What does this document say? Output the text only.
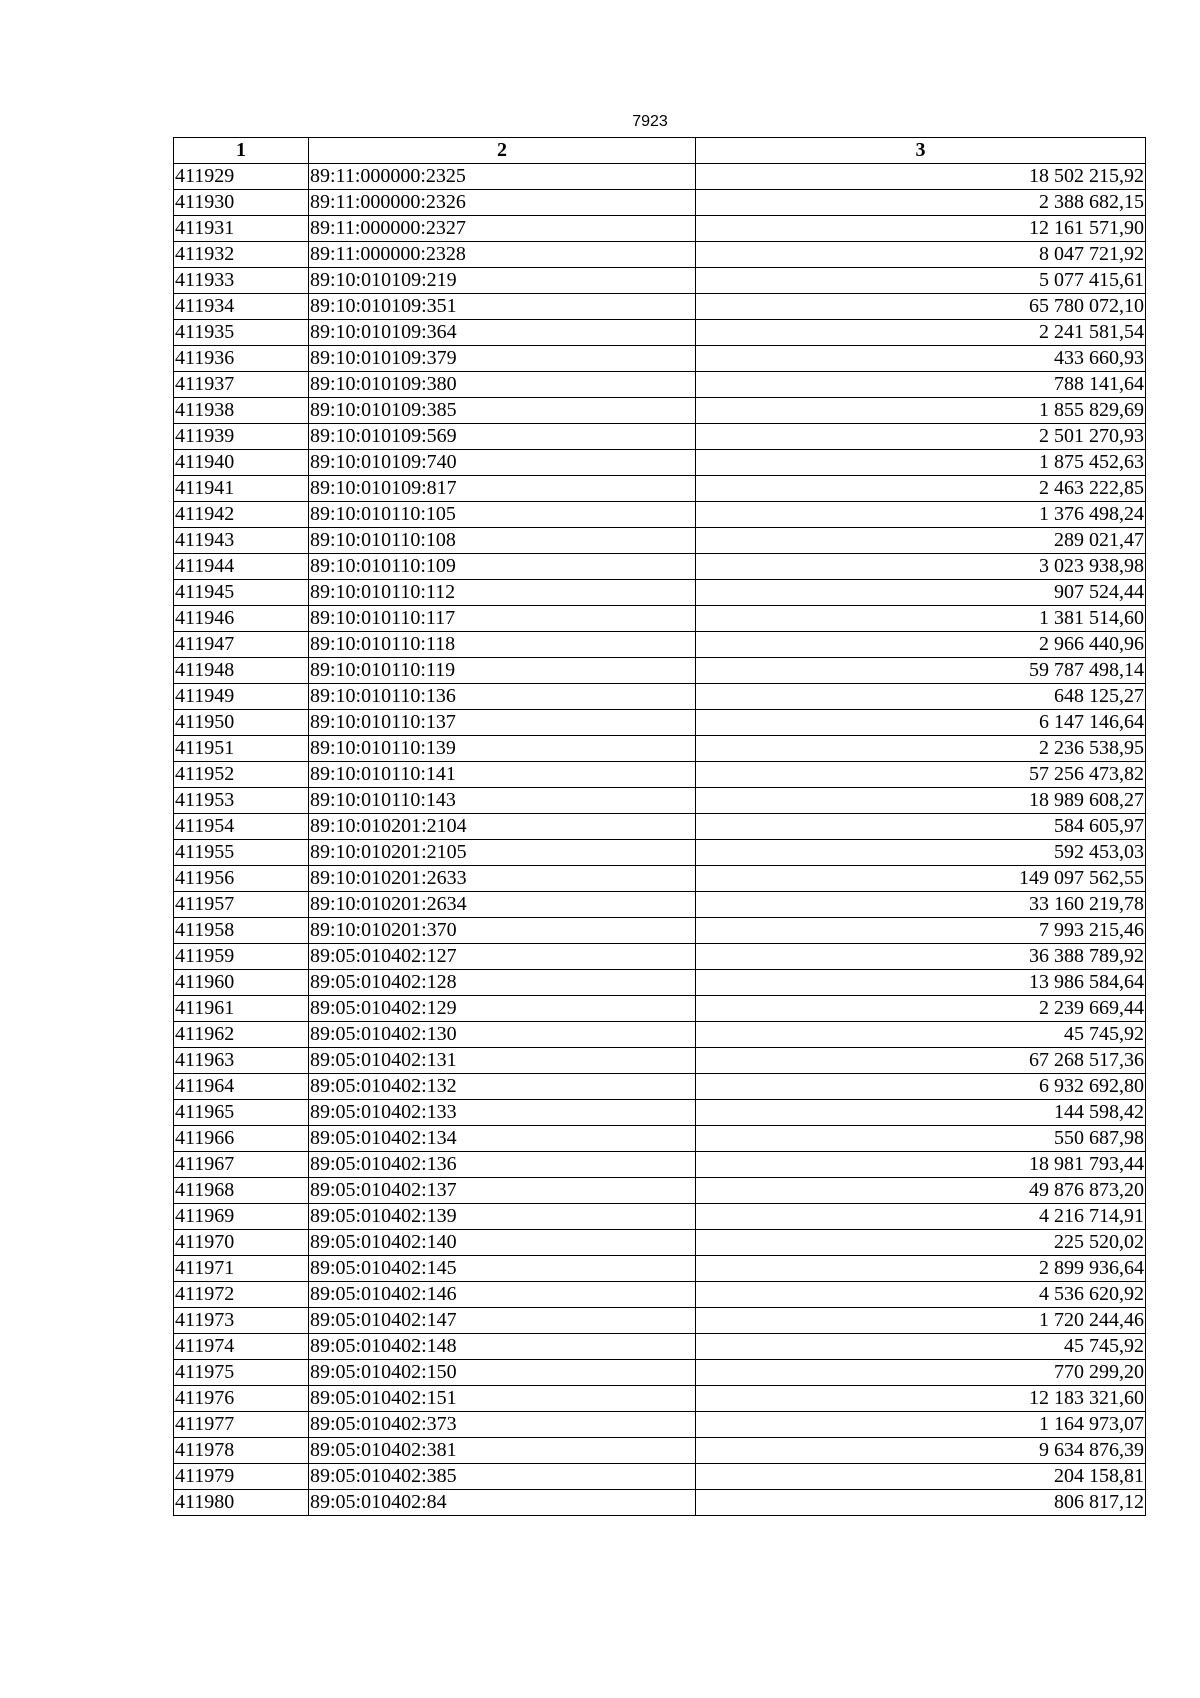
7923
1	2	3
411929	89:11:000000:2325	18 502 215,92
411930	89:11:000000:2326	2 388 682,15
411931	89:11:000000:2327	12 161 571,90
411932	89:11:000000:2328	8 047 721,92
411933	89:10:010109:219	5 077 415,61
411934	89:10:010109:351	65 780 072,10
411935	89:10:010109:364	2 241 581,54
411936	89:10:010109:379	433 660,93
411937	89:10:010109:380	788 141,64
411938	89:10:010109:385	1 855 829,69
411939	89:10:010109:569	2 501 270,93
411940	89:10:010109:740	1 875 452,63
411941	89:10:010109:817	2 463 222,85
411942	89:10:010110:105	1 376 498,24
411943	89:10:010110:108	289 021,47
411944	89:10:010110:109	3 023 938,98
411945	89:10:010110:112	907 524,44
411946	89:10:010110:117	1 381 514,60
411947	89:10:010110:118	2 966 440,96
411948	89:10:010110:119	59 787 498,14
411949	89:10:010110:136	648 125,27
411950	89:10:010110:137	6 147 146,64
411951	89:10:010110:139	2 236 538,95
411952	89:10:010110:141	57 256 473,82
411953	89:10:010110:143	18 989 608,27
411954	89:10:010201:2104	584 605,97
411955	89:10:010201:2105	592 453,03
411956	89:10:010201:2633	149 097 562,55
411957	89:10:010201:2634	33 160 219,78
411958	89:10:010201:370	7 993 215,46
411959	89:05:010402:127	36 388 789,92
411960	89:05:010402:128	13 986 584,64
411961	89:05:010402:129	2 239 669,44
411962	89:05:010402:130	45 745,92
411963	89:05:010402:131	67 268 517,36
411964	89:05:010402:132	6 932 692,80
411965	89:05:010402:133	144 598,42
411966	89:05:010402:134	550 687,98
411967	89:05:010402:136	18 981 793,44
411968	89:05:010402:137	49 876 873,20
411969	89:05:010402:139	4 216 714,91
411970	89:05:010402:140	225 520,02
411971	89:05:010402:145	2 899 936,64
411972	89:05:010402:146	4 536 620,92
411973	89:05:010402:147	1 720 244,46
411974	89:05:010402:148	45 745,92
411975	89:05:010402:150	770 299,20
411976	89:05:010402:151	12 183 321,60
411977	89:05:010402:373	1 164 973,07
411978	89:05:010402:381	9 634 876,39
411979	89:05:010402:385	204 158,81
411980	89:05:010402:84	806 817,12
